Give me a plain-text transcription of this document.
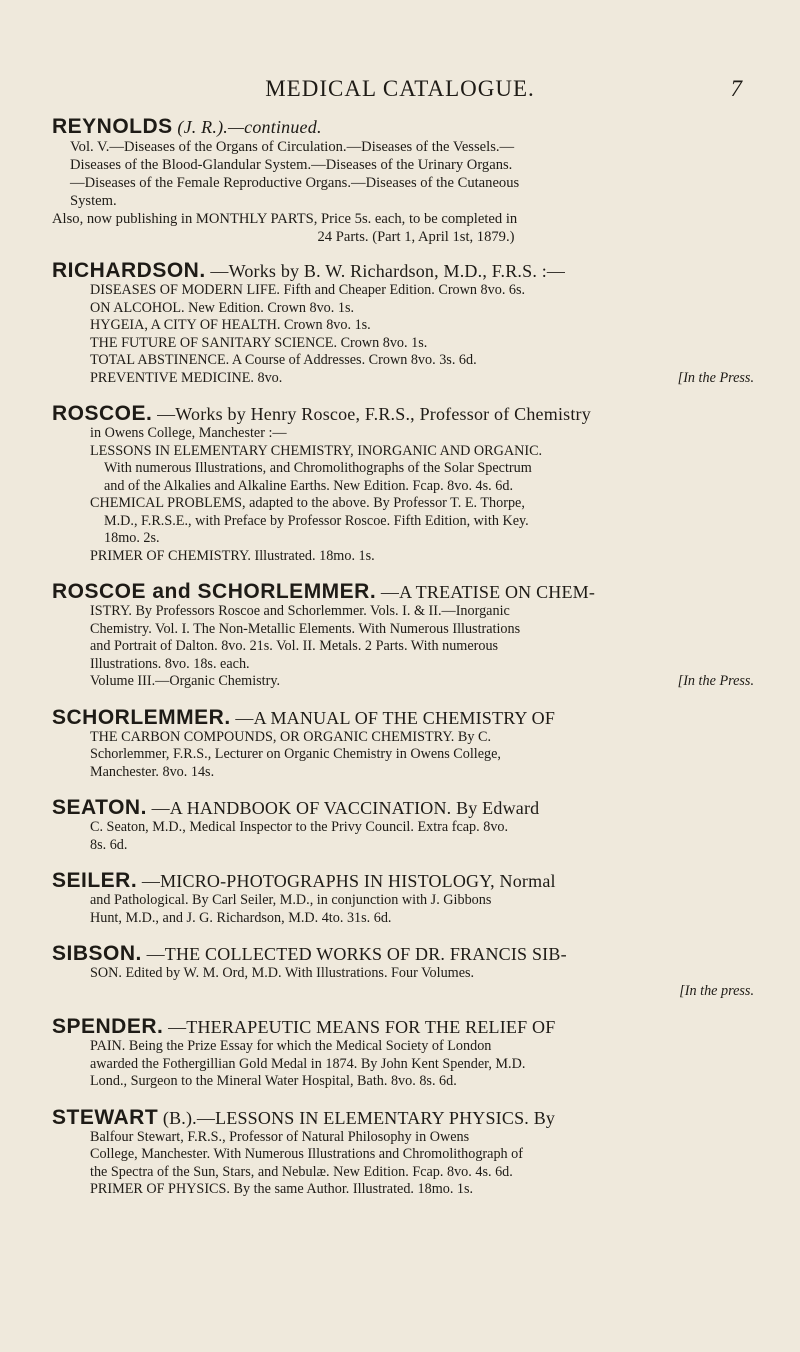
MEDICAL CATALOGUE.	7

REYNOLDS (J. R.).—continued.

Vol. V.—Diseases of the Organs of Circulation.—Diseases of the Vessels.—

Diseases of the Blood-Glandular System.—Diseases of the Urinary Organs.

—Diseases of the Female Reproductive Organs.—Diseases of the Cutaneous

System.

Also, now publishing in MONTHLY PARTS, Price 5s. each, to be completed in

24 Parts. (Part 1, April 1st, 1879.)

RICHARDSON. —Works by B. W. Richardson, M.D., F.R.S. :—

DISEASES OF MODERN LIFE. Fifth and Cheaper Edition. Crown 8vo. 6s.

ON ALCOHOL. New Edition. Crown 8vo. 1s.

HYGEIA, A CITY OF HEALTH. Crown 8vo. 1s.

THE FUTURE OF SANITARY SCIENCE. Crown 8vo. 1s.

TOTAL ABSTINENCE. A Course of Addresses. Crown 8vo. 3s. 6d.

PREVENTIVE MEDICINE. 8vo.	[In the Press.

ROSCOE. —Works by Henry Roscoe, F.R.S., Professor of Chemistry

in Owens College, Manchester :—

LESSONS IN ELEMENTARY CHEMISTRY, INORGANIC AND ORGANIC.

With numerous Illustrations, and Chromolithographs of the Solar Spectrum

and of the Alkalies and Alkaline Earths. New Edition. Fcap. 8vo. 4s. 6d.

CHEMICAL PROBLEMS, adapted to the above. By Professor T. E. Thorpe,

M.D., F.R.S.E., with Preface by Professor Roscoe. Fifth Edition, with Key.

18mo. 2s.

PRIMER OF CHEMISTRY. Illustrated. 18mo. 1s.

ROSCOE and SCHORLEMMER. —A TREATISE ON CHEM-

ISTRY. By Professors Roscoe and Schorlemmer. Vols. I. & II.—Inorganic

Chemistry. Vol. I. The Non-Metallic Elements. With Numerous Illustrations

and Portrait of Dalton. 8vo. 21s. Vol. II. Metals. 2 Parts. With numerous

Illustrations. 8vo. 18s. each.

Volume III.—Organic Chemistry.	[In the Press.

SCHORLEMMER. —A MANUAL OF THE CHEMISTRY OF

THE CARBON COMPOUNDS, OR ORGANIC CHEMISTRY. By C.

Schorlemmer, F.R.S., Lecturer on Organic Chemistry in Owens College,

Manchester. 8vo. 14s.

SEATON. —A HANDBOOK OF VACCINATION. By Edward

C. Seaton, M.D., Medical Inspector to the Privy Council. Extra fcap. 8vo.

8s. 6d.

SEILER. —MICRO-PHOTOGRAPHS IN HISTOLOGY, Normal

and Pathological. By Carl Seiler, M.D., in conjunction with J. Gibbons

Hunt, M.D., and J. G. Richardson, M.D. 4to. 31s. 6d.

SIBSON. —THE COLLECTED WORKS OF DR. FRANCIS SIB-

SON. Edited by W. M. Ord, M.D. With Illustrations. Four Volumes.

[In the press.

SPENDER. —THERAPEUTIC MEANS FOR THE RELIEF OF

PAIN. Being the Prize Essay for which the Medical Society of London

awarded the Fothergillian Gold Medal in 1874. By John Kent Spender, M.D.

Lond., Surgeon to the Mineral Water Hospital, Bath. 8vo. 8s. 6d.

STEWART (B.).—LESSONS IN ELEMENTARY PHYSICS. By

Balfour Stewart, F.R.S., Professor of Natural Philosophy in Owens

College, Manchester. With Numerous Illustrations and Chromolithograph of

the Spectra of the Sun, Stars, and Nebulæ. New Edition. Fcap. 8vo. 4s. 6d.

PRIMER OF PHYSICS. By the same Author. Illustrated. 18mo. 1s.
